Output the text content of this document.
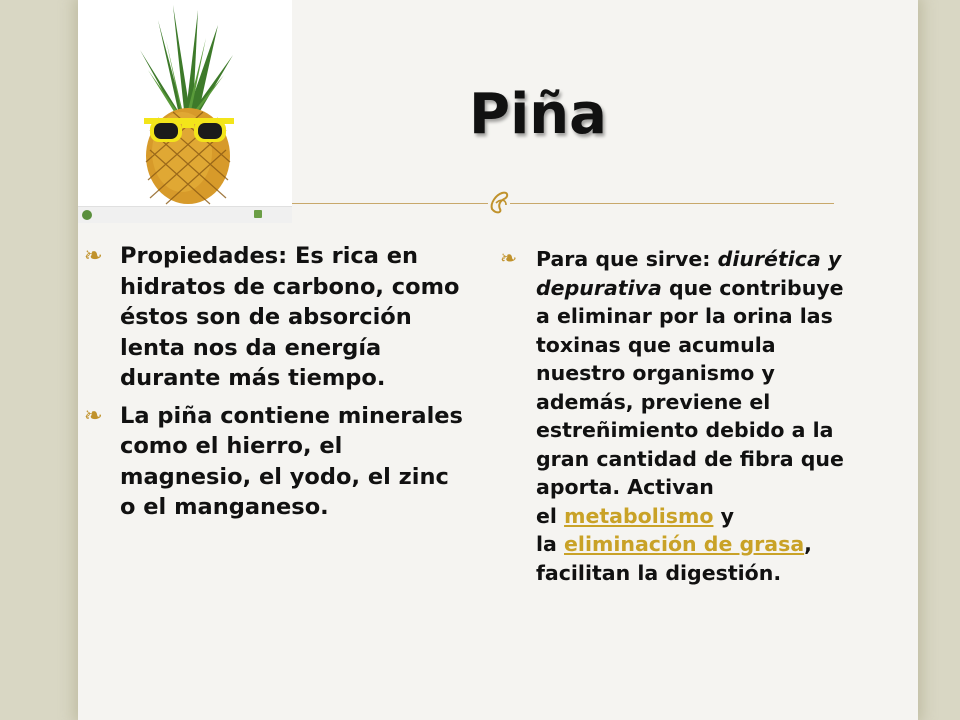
Piña
❧ Propiedades: Es rica en hidratos de carbono, como éstos son de absorción lenta nos da energía durante más tiempo.
❧ La piña contiene minerales como el hierro, el magnesio, el yodo, el zinc o el manganeso.
❧ Para que sirve: diurética y depurativa que contribuye a eliminar por la orina las toxinas que acumula nuestro organismo y además, previene el estreñimiento debido a la gran cantidad de fibra que aporta. Activan
el metabolismo y
la eliminación de grasa, facilitan la digestión.
